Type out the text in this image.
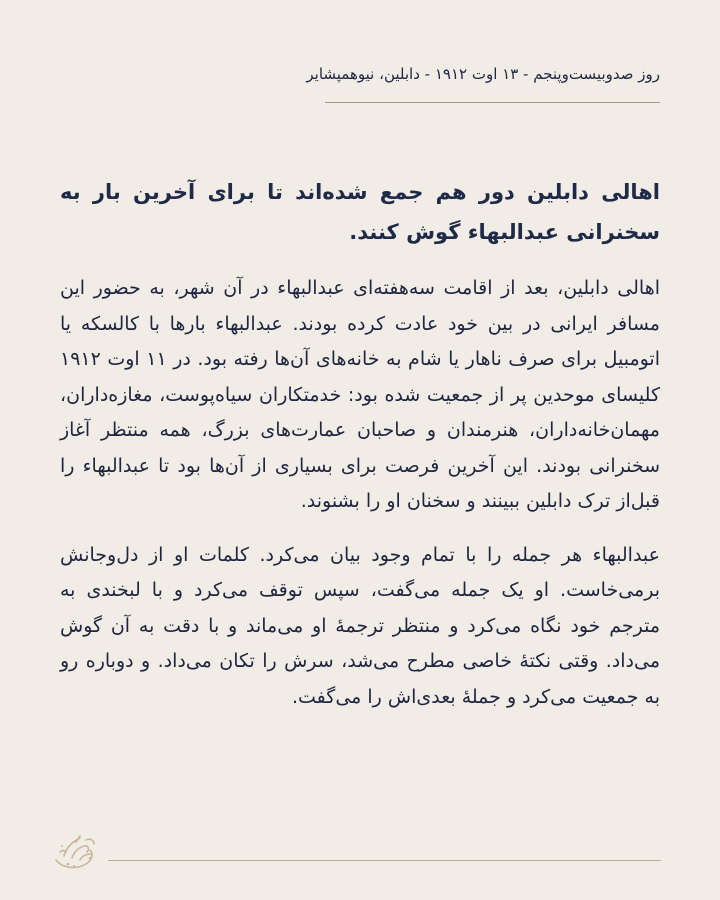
روز صدوبیست‌وپنجم - ۱۳ اوت ۱۹۱۲ - دابلین، نیوهمپشایر
اهالی دابلین دور هم جمع شده‌اند تا برای آخرین بار به سخنرانی عبدالبهاء گوش کنند.

اهالی دابلین، بعد از اقامت سه‌هفته‌ای عبدالبهاء در آن شهر، به حضور این مسافر ایرانی در بین خود عادت کرده بودند. عبدالبهاء بارها با کالسکه یا اتومبیل برای صرف ناهار یا شام به خانه‌های آن‌ها رفته بود. در ۱۱ اوت ۱۹۱۲ کلیسای موحدین پر از جمعیت شده بود: خدمتکاران سیاه‌پوست، مغازه‌داران، مهمان‌خانه‌داران، هنرمندان و صاحبان عمارت‌های بزرگ، همه منتظر آغاز سخنرانی بودند. این آخرین فرصت برای بسیاری از آن‌ها بود تا عبدالبهاء را قبل‌از ترک دابلین ببینند و سخنان او را بشنوند.

عبدالبهاء هر جمله را با تمام وجود بیان می‌کرد. کلمات او از دل‌وجانش برمی‌خاست. او یک جمله می‌گفت، سپس توقف می‌کرد و با لبخندی به مترجم خود نگاه می‌کرد و منتظر ترجمهٔ او می‌ماند و با دقت به آن گوش می‌داد. وقتی نکتهٔ خاصی مطرح می‌شد، سرش را تکان می‌داد. و دوباره رو به جمعیت می‌کرد و جملهٔ بعدی‌اش را می‌گفت.
